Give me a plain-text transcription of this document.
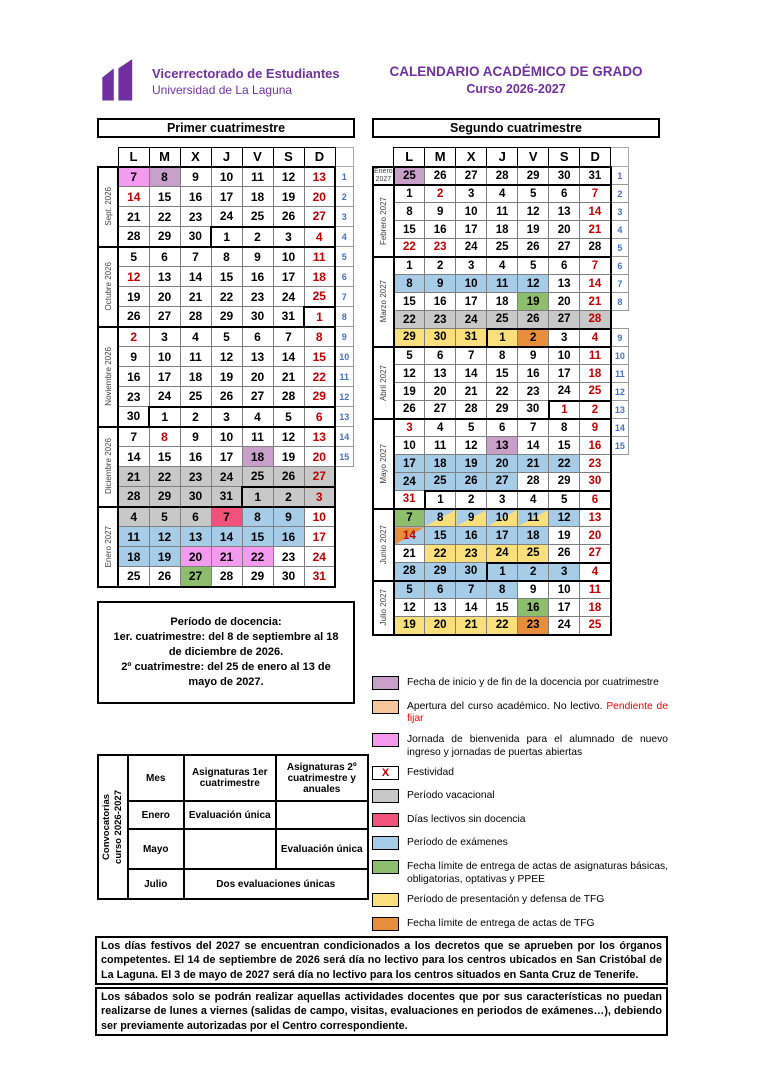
Vicerrectorado de Estudiantes
Universidad de La Laguna
CALENDARIO ACADÉMICO DE GRADO
Curso 2026-2027
Primer cuatrimestre	Segundo cuatrimestre
	L	M	X	J	V	S	D	

Sept. 2026	7	8	9	10	11	12	13	1
	14	15	16	17	18	19	20	2
	21	22	23	24	25	26	27	3
	28	29	30	1	2	3	4	4

Octubre 2026	5	6	7	8	9	10	11	5
	12	13	14	15	16	17	18	6
	19	20	21	22	23	24	25	7
	26	27	28	29	30	31	1	8

Noviembre 2026	2	3	4	5	6	7	8	9
	9	10	11	12	13	14	15	10
	16	17	18	19	20	21	22	11
	23	24	25	26	27	28	29	12
	30	1	2	3	4	5	6	13

Diciembre 2026	7	8	9	10	11	12	13	14
	14	15	16	17	18	19	20	15
	21	22	23	24	25	26	27	
	28	29	30	31	1	2	3	

Enero 2027	4	5	6	7	8	9	10	
	11	12	13	14	15	16	17	
	18	19	20	21	22	23	24	
	25	26	27	28	29	30	31	
	L	M	X	J	V	S	D	

Enero 2027	25	26	27	28	29	30	31	1

Febrero 2027	1	2	3	4	5	6	7	2
	8	9	10	11	12	13	14	3
	15	16	17	18	19	20	21	4
	22	23	24	25	26	27	28	5

Marzo 2027	1	2	3	4	5	6	7	6
	8	9	10	11	12	13	14	7
	15	16	17	18	19	20	21	8
	22	23	24	25	26	27	28	
	29	30	31	1	2	3	4	9

Abril 2027	5	6	7	8	9	10	11	10
	12	13	14	15	16	17	18	11
	19	20	21	22	23	24	25	12
	26	27	28	29	30	1	2	13

Mayo 2027	3	4	5	6	7	8	9	14
	10	11	12	13	14	15	16	15
	17	18	19	20	21	22	23	
	24	25	26	27	28	29	30	
	31	1	2	3	4	5	6	

Junio 2027	7	8	9	10	11	12	13	
	14	15	16	17	18	19	20	
	21	22	23	24	25	26	27	
	28	29	30	1	2	3	4	

Julio 2027	5	6	7	8	9	10	11	
	12	13	14	15	16	17	18	
	19	20	21	22	23	24	25	
Período de docencia:
1er. cuatrimestre: del 8 de septiembre al 18 de diciembre de 2026.
2º cuatrimestre: del 25 de enero al 13 de mayo de 2027.
Convocatorias
curso 2026-2027	Mes	Asignaturas 1er cuatrimestre	Asignaturas 2º cuatrimestre y anuales
	Enero	Evaluación única	
	Mayo		Evaluación única
	Julio	Dos evaluaciones únicas	
Fecha de inicio y de fin de la docencia por cuatrimestre
Apertura del curso académico. No lectivo. Pendiente de fijar
Jornada de bienvenida para el alumnado de nuevo ingreso y jornadas de puertas abiertas
X	Festividad
Período vacacional
Días lectivos sin docencia
Período de exámenes
Fecha límite de entrega de actas de asignaturas básicas, obligatorias, optativas y PPEE
Período de presentación y defensa de TFG
Fecha límite de entrega de actas de TFG
Los días festivos del 2027 se encuentran condicionados a los decretos que se aprueben por los órganos competentes. El 14 de septiembre de 2026 será día no lectivo para los centros ubicados en San Cristóbal de La Laguna. El 3 de mayo de 2027 será día no lectivo para los centros situados en Santa Cruz de Tenerife.
Los sábados solo se podrán realizar aquellas actividades docentes que por sus características no puedan realizarse de lunes a viernes (salidas de campo, visitas, evaluaciones en periodos de exámenes…), debiendo ser previamente autorizadas por el Centro correspondiente.
